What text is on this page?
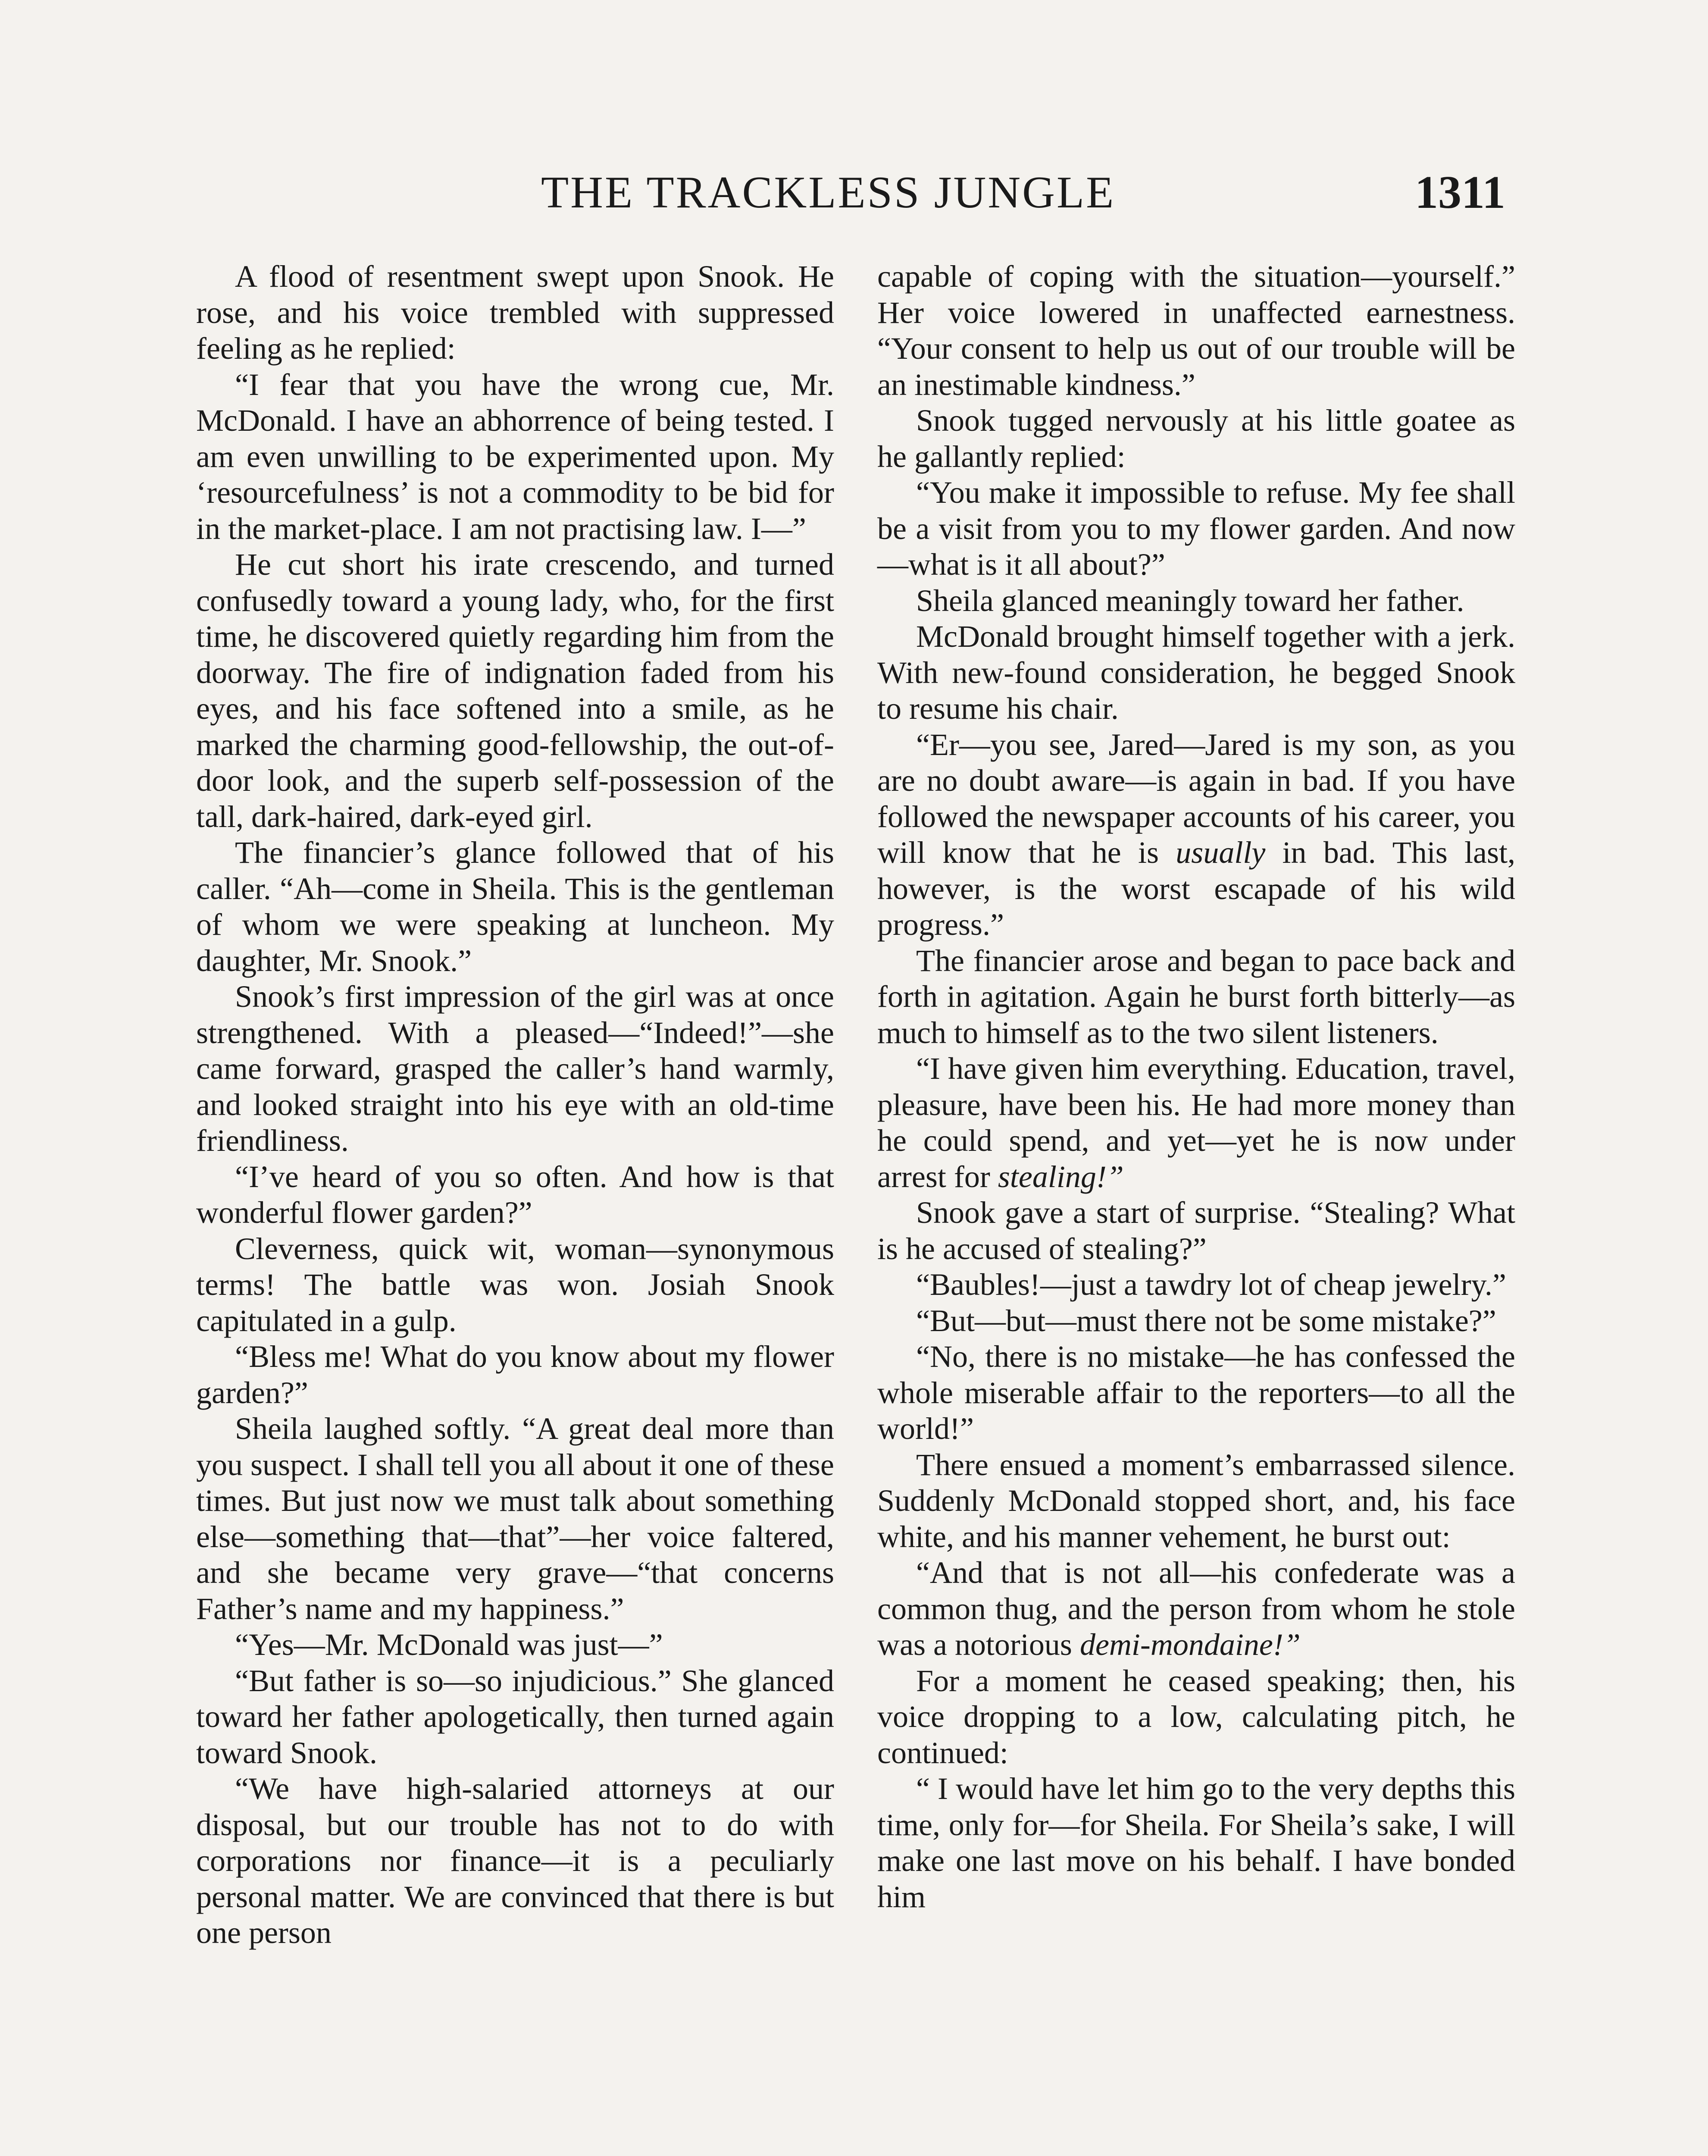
THE TRACKLESS JUNGLE	1311

A flood of resentment swept upon Snook. He rose, and his voice trembled with suppressed feeling as he replied:

“I fear that you have the wrong cue, Mr. McDonald. I have an abhorrence of being tested. I am even unwilling to be experimented upon. My ‘resourcefulness’ is not a commodity to be bid for in the market-place. I am not practising law. I—”

He cut short his irate crescendo, and turned confusedly toward a young lady, who, for the first time, he discovered quietly regarding him from the doorway. The fire of indignation faded from his eyes, and his face softened into a smile, as he marked the charming good-fellowship, the out-of-door look, and the superb self-possession of the tall, dark-haired, dark-eyed girl.

The financier’s glance followed that of his caller. “Ah—come in Sheila. This is the gentleman of whom we were speaking at luncheon. My daughter, Mr. Snook.”

Snook’s first impression of the girl was at once strengthened. With a pleased—“Indeed!”—she came forward, grasped the caller’s hand warmly, and looked straight into his eye with an old-time friendliness.

“I’ve heard of you so often. And how is that wonderful flower garden?”

Cleverness, quick wit, woman—synonymous terms! The battle was won. Josiah Snook capitulated in a gulp.

“Bless me! What do you know about my flower garden?”

Sheila laughed softly. “A great deal more than you suspect. I shall tell you all about it one of these times. But just now we must talk about something else—something that—that”—her voice faltered, and she became very grave—“that concerns Father’s name and my happiness.”

“Yes—Mr. McDonald was just—”

“But father is so—so injudicious.” She glanced toward her father apologetically, then turned again toward Snook.

“We have high-salaried attorneys at our disposal, but our trouble has not to do with corporations nor finance—it is a peculiarly personal matter. We are convinced that there is but one person

capable of coping with the situation—yourself.” Her voice lowered in unaffected earnestness. “Your consent to help us out of our trouble will be an inestimable kindness.”

Snook tugged nervously at his little goatee as he gallantly replied:

“You make it impossible to refuse. My fee shall be a visit from you to my flower garden. And now—what is it all about?”

Sheila glanced meaningly toward her father.

McDonald brought himself together with a jerk. With new-found consideration, he begged Snook to resume his chair.

“Er—you see, Jared—Jared is my son, as you are no doubt aware—is again in bad. If you have followed the newspaper accounts of his career, you will know that he is usually in bad. This last, however, is the worst escapade of his wild progress.”

The financier arose and began to pace back and forth in agitation. Again he burst forth bitterly—as much to himself as to the two silent listeners.

“I have given him everything. Education, travel, pleasure, have been his. He had more money than he could spend, and yet—yet he is now under arrest for stealing!”

Snook gave a start of surprise. “Stealing? What is he accused of stealing?”

“Baubles!—just a tawdry lot of cheap jewelry.”

“But—but—must there not be some mistake?”

“No, there is no mistake—he has confessed the whole miserable affair to the reporters—to all the world!”

There ensued a moment’s embarrassed silence. Suddenly McDonald stopped short, and, his face white, and his manner vehement, he burst out:

“And that is not all—his confederate was a common thug, and the person from whom he stole was a notorious demi-mondaine!”

For a moment he ceased speaking; then, his voice dropping to a low, calculating pitch, he continued:

“ I would have let him go to the very depths this time, only for—for Sheila. For Sheila’s sake, I will make one last move on his behalf. I have bonded him
